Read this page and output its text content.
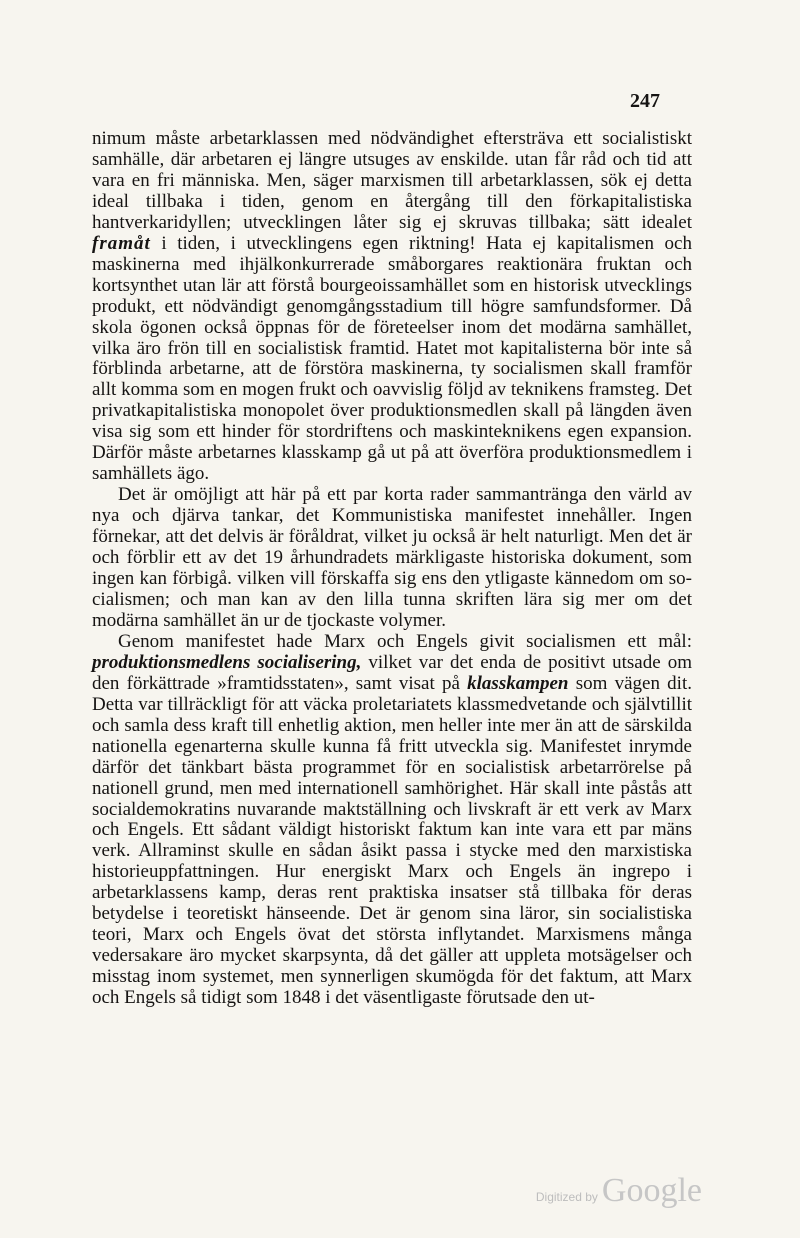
247

nimum måste arbetarklassen med nödvändighet eftersträva ett socialistiskt samhälle, där arbetaren ej längre utsuges av enskilde. utan får råd och tid att vara en fri människa. Men, säger marxismen till arbetarklassen, sök ej detta ideal tillbaka i tiden, genom en återgång till den förkapitalistiska hantverkaridyllen; utvecklingen låter sig ej skruvas tillbaka; sätt idealet framåt i tiden, i utvecklingens egen riktning! Hata ej kapitalismen och maskinerna med ihjälkonkurrerade småborgares reaktionära fruktan och kortsynthet utan lär att förstå bourgeoissamhället som en historisk utvecklings produkt, ett nödvändigt genomgångsstadium till högre samfundsformer. Då skola ögonen också öppnas för de företeelser inom det modärna samhället, vilka äro frön till en socialistisk framtid. Hatet mot kapitalisterna bör inte så förblinda arbetarne, att de förstöra maskinerna, ty socialismen skall framför allt komma som en mogen frukt och oavvislig följd av teknikens framsteg. Det privatkapitalistiska monopolet över produktionsmedlen skall på längden även visa sig som ett hinder för stordriftens och maskinteknikens egen expansion. Därför måste arbetarnes klasskamp gå ut på att överföra produktionsmedlem i samhällets ägo.

Det är omöjligt att här på ett par korta rader sammantränga den värld av nya och djärva tankar, det Kommunistiska manifestet innehåller. Ingen förnekar, att det delvis är föråldrat, vilket ju också är helt naturligt. Men det är och förblir ett av det 19 århundradets märkligaste historiska dokument, som ingen kan förbigå. vilken vill förskaffa sig ens den ytligaste kännedom om socialismen; och man kan av den lilla tunna skriften lära sig mer om det modärna samhället än ur de tjockaste volymer.

Genom manifestet hade Marx och Engels givit socialismen ett mål: produktionsmedlens socialisering, vilket var det enda de positivt utsade om den förkättrade »framtidsstaten», samt visat på klasskampen som vägen dit. Detta var tillräckligt för att väcka proletariatets klassmedvetande och självtillit och samla dess kraft till enhetlig aktion, men heller inte mer än att de särskilda nationella egenarterna skulle kunna få fritt utveckla sig. Manifestet inrymde därför det tänkbart bästa programmet för en socialistisk arbetarrörelse på nationell grund, men med internationell samhörighet. Här skall inte påstås att socialdemokratins nuvarande maktställning och livskraft är ett verk av Marx och Engels. Ett sådant väldigt historiskt faktum kan inte vara ett par mäns verk. Allraminst skulle en sådan åsikt passa i stycke med den marxistiska historieuppfattningen. Hur energiskt Marx och Engels än ingrepo i arbetarklassens kamp, deras rent praktiska insatser stå tillbaka för deras betydelse i teoretiskt hänseende. Det är genom sina läror, sin socialistiska teori, Marx och Engels övat det största inflytandet. Marxismens många vedersakare äro mycket skarpsynta, då det gäller att uppleta motsägelser och misstag inom systemet, men synnerligen skumögda för det faktum, att Marx och Engels så tidigt som 1848 i det väsentligaste förutsade den ut-

Digitized by Google
